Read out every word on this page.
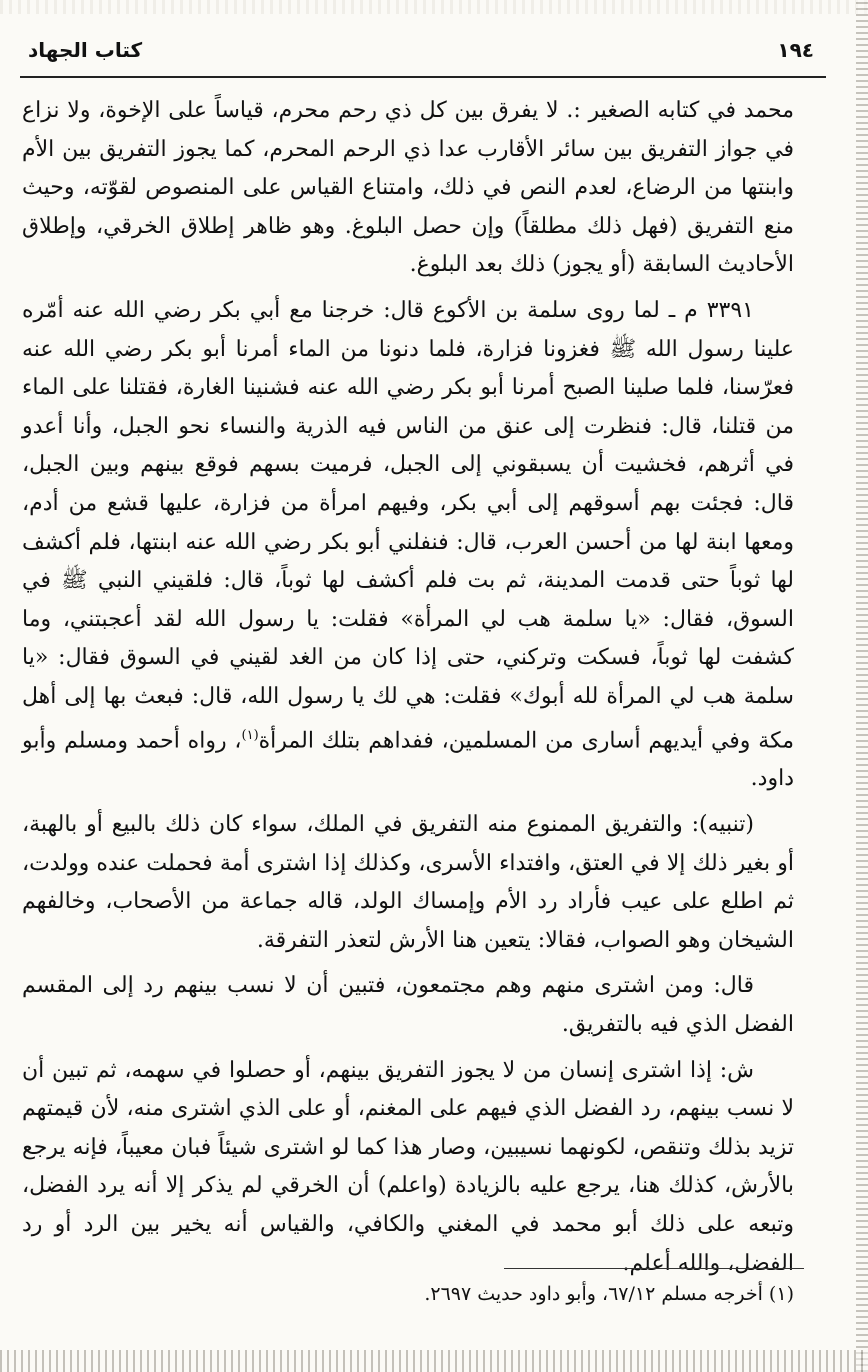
١٩٤
كتاب الجهاد

محمد في كتابه الصغير :. لا يفرق بين كل ذي رحم محرم، قياساً على الإخوة، ولا نزاع في جواز التفريق بين سائر الأقارب عدا ذي الرحم المحرم، كما يجوز التفريق بين الأم وابنتها من الرضاع، لعدم النص في ذلك، وامتناع القياس على المنصوص لقوّته، وحيث منع التفريق (فهل ذلك مطلقاً) وإن حصل البلوغ. وهو ظاهر إطلاق الخرقي، وإطلاق الأحاديث السابقة (أو يجوز) ذلك بعد البلوغ.

٣٣٩١ م ـ لما روى سلمة بن الأكوع قال: خرجنا مع أبي بكر رضي الله عنه أمّره علينا رسول الله ﷺ فغزونا فزارة، فلما دنونا من الماء أمرنا أبو بكر رضي الله عنه فعرّسنا، فلما صلينا الصبح أمرنا أبو بكر رضي الله عنه فشنينا الغارة، فقتلنا على الماء من قتلنا، قال: فنظرت إلى عنق من الناس فيه الذرية والنساء نحو الجبل، وأنا أعدو في أثرهم، فخشيت أن يسبقوني إلى الجبل، فرميت بسهم فوقع بينهم وبين الجبل، قال: فجئت بهم أسوقهم إلى أبي بكر، وفيهم امرأة من فزارة، عليها قشع من أدم، ومعها ابنة لها من أحسن العرب، قال: فنفلني أبو بكر رضي الله عنه ابنتها، فلم أكشف لها ثوباً حتى قدمت المدينة، ثم بت فلم أكشف لها ثوباً، قال: فلقيني النبي ﷺ في السوق، فقال: «يا سلمة هب لي المرأة» فقلت: يا رسول الله لقد أعجبتني، وما كشفت لها ثوباً، فسكت وتركني، حتى إذا كان من الغد لقيني في السوق فقال: «يا سلمة هب لي المرأة لله أبوك» فقلت: هي لك يا رسول الله، قال: فبعث بها إلى أهل مكة وفي أيديهم أسارى من المسلمين، ففداهم بتلك المرأة$^{(١)}$، رواه أحمد ومسلم وأبو داود.

(تنبيه): والتفريق الممنوع منه التفريق في الملك، سواء كان ذلك بالبيع أو بالهبة، أو بغير ذلك إلا في العتق، وافتداء الأسرى، وكذلك إذا اشترى أمة فحملت عنده وولدت، ثم اطلع على عيب فأراد رد الأم وإمساك الولد، قاله جماعة من الأصحاب، وخالفهم الشيخان وهو الصواب، فقالا: يتعين هنا الأرش لتعذر التفرقة.

قال: ومن اشترى منهم وهم مجتمعون، فتبين أن لا نسب بينهم رد إلى المقسم الفضل الذي فيه بالتفريق.

ش: إذا اشترى إنسان من لا يجوز التفريق بينهم، أو حصلوا في سهمه، ثم تبين أن لا نسب بينهم، رد الفضل الذي فيهم على المغنم، أو على الذي اشترى منه، لأن قيمتهم تزيد بذلك وتنقص، لكونهما نسيبين، وصار هذا كما لو اشترى شيئاً فبان معيباً، فإنه يرجع بالأرش، كذلك هنا، يرجع عليه بالزيادة (واعلم) أن الخرقي لم يذكر إلا أنه يرد الفضل، وتبعه على ذلك أبو محمد في المغني والكافي، والقياس أنه يخير بين الرد أو رد الفضل، والله أعلم.

(١) أخرجه مسلم ٦٧/١٢، وأبو داود حديث ٢٦٩٧.
